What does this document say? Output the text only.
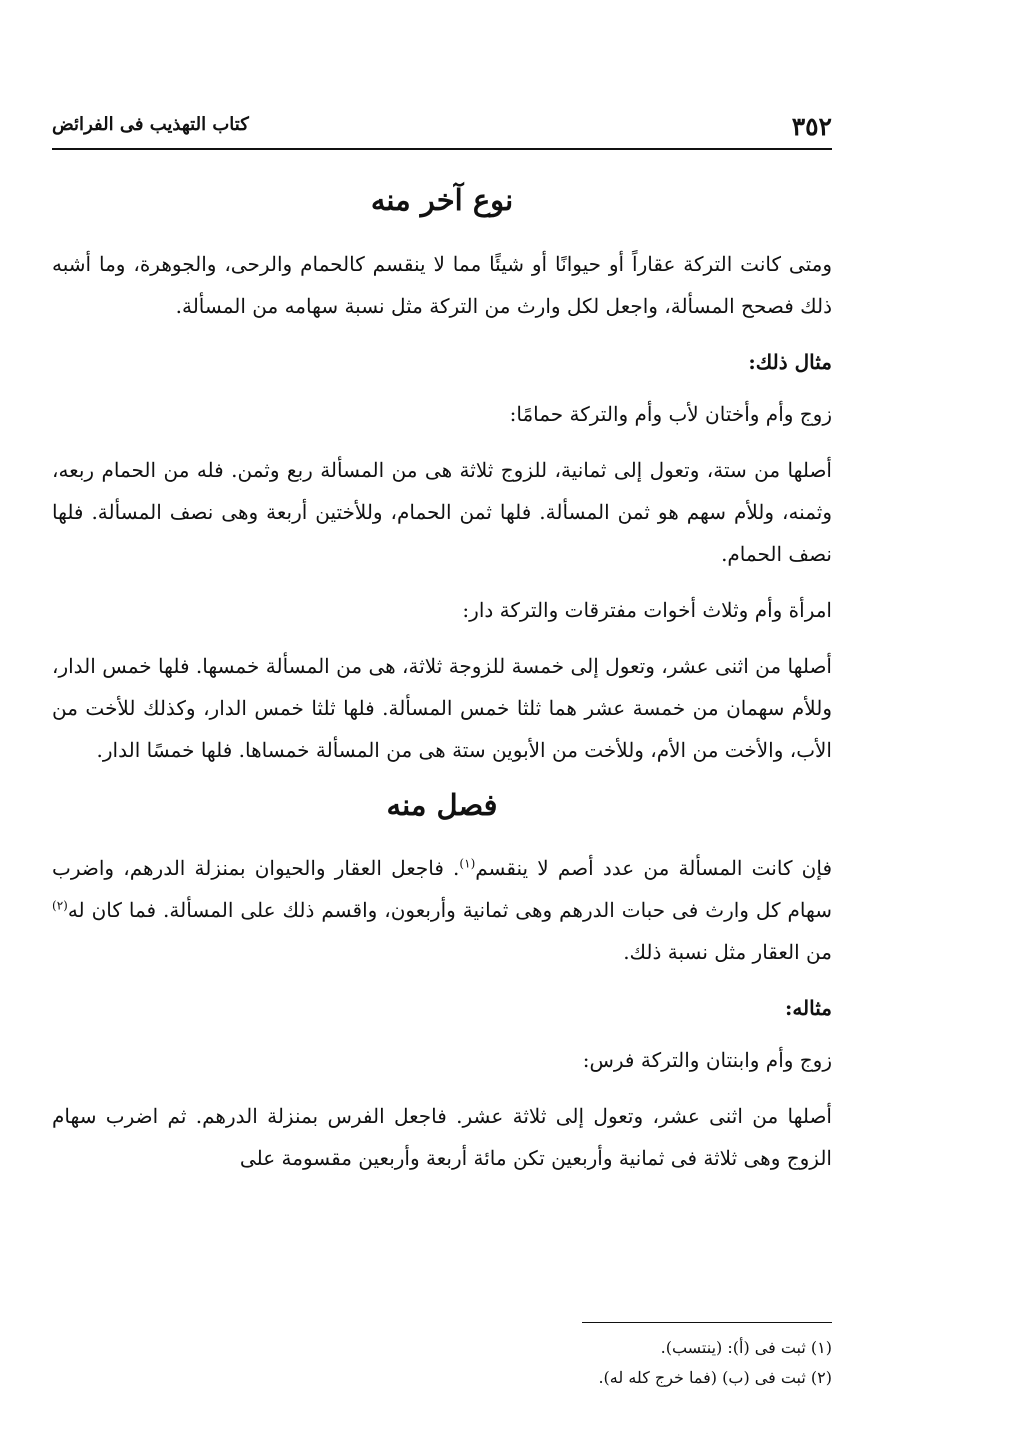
٣٥٢
كتاب التهذيب فى الفرائض
نوع آخر منه

ومتى كانت التركة عقاراً أو حيوانًا أو شيئًا مما لا ينقسم كالحمام والرحى، والجوهرة، وما أشبه ذلك فصحح المسألة، واجعل لكل وارث من التركة مثل نسبة سهامه من المسألة.

مثال ذلك:

زوج وأم وأختان لأب وأم والتركة حمامًا:

أصلها من ستة، وتعول إلى ثمانية، للزوج ثلاثة هى من المسألة ربع وثمن. فله من الحمام ربعه، وثمنه، وللأم سهم هو ثمن المسألة. فلها ثمن الحمام، وللأختين أربعة وهى نصف المسألة. فلها نصف الحمام.

امرأة وأم وثلاث أخوات مفترقات والتركة دار:

أصلها من اثنى عشر، وتعول إلى خمسة للزوجة ثلاثة، هى من المسألة خمسها. فلها خمس الدار، وللأم سهمان من خمسة عشر هما ثلثا خمس المسألة. فلها ثلثا خمس الدار، وكذلك للأخت من الأب، والأخت من الأم، وللأخت من الأبوين ستة هى من المسألة خمساها. فلها خمسًا الدار.

فصل منه

فإن كانت المسألة من عدد أصم لا ينقسم$^{(١)}$. فاجعل العقار والحيوان بمنزلة الدرهم، واضرب سهام كل وارث فى حبات الدرهم وهى ثمانية وأربعون، واقسم ذلك على المسألة. فما كان له$^{(٢)}$ من العقار مثل نسبة ذلك.

مثاله:

زوج وأم وابنتان والتركة فرس:

أصلها من اثنى عشر، وتعول إلى ثلاثة عشر. فاجعل الفرس بمنزلة الدرهم. ثم اضرب سهام الزوج وهى ثلاثة فى ثمانية وأربعين تكن مائة أربعة وأربعين مقسومة على

(١) ثبت فى (أ): (ينتسب).

(٢) ثبت فى (ب) (فما خرج كله له).
